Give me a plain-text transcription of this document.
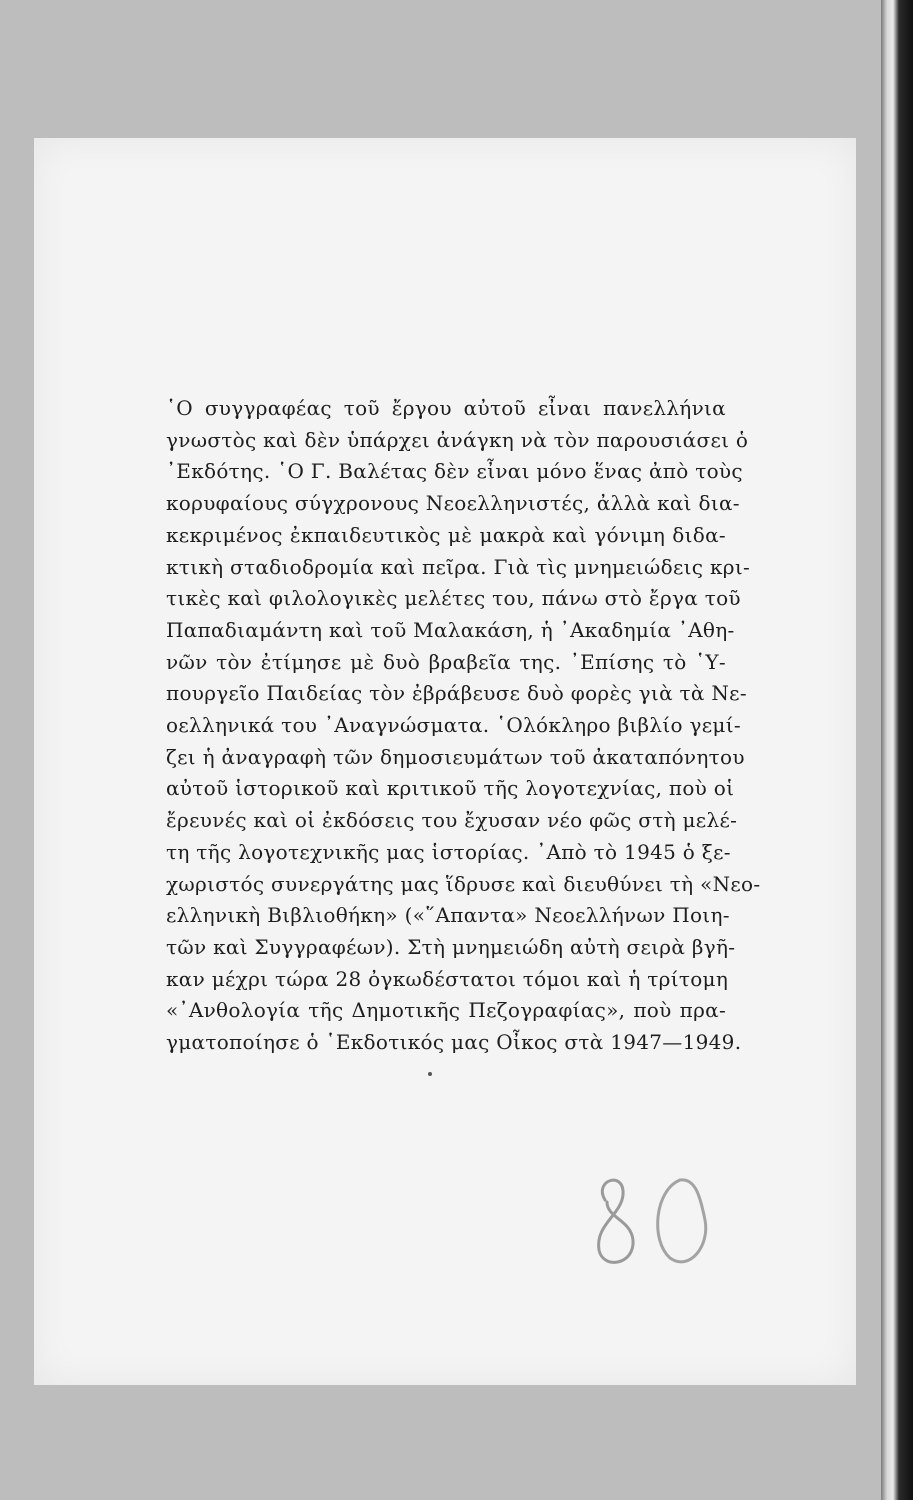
῾Ο συγγραφέας τοῦ ἔργου αὐτοῦ εἶναι πανελλήνια
γνωστὸς καὶ δὲν ὑπάρχει ἀνάγκη νὰ τὸν παρουσιάσει ὁ
᾿Εκδότης. ῾Ο Γ. Βαλέτας δὲν εἶναι μόνο ἕνας ἀπὸ τοὺς
κορυφαίους σύγχρονους Νεοελληνιστές, ἀλλὰ καὶ δια-
κεκριμένος ἐκπαιδευτικὸς μὲ μακρὰ καὶ γόνιμη διδα-
κτικὴ σταδιοδρομία καὶ πεῖρα. Γιὰ τὶς μνημειώδεις κρι-
τικὲς καὶ φιλολογικὲς μελέτες του, πάνω στὸ ἔργα τοῦ
Παπαδιαμάντη καὶ τοῦ Μαλακάση, ἡ ᾿Ακαδημία ᾿Αθη-
νῶν τὸν ἐτίμησε μὲ δυὸ βραβεῖα της. ᾿Επίσης τὸ ῾Υ-
πουργεῖο Παιδείας τὸν ἐβράβευσε δυὸ φορὲς γιὰ τὰ Νε-
οελληνικά του ᾿Αναγνώσματα. ῾Ολόκληρο βιβλίο γεμί-
ζει ἡ ἀναγραφὴ τῶν δημοσιευμάτων τοῦ ἀκαταπόνητου
αὐτοῦ ἱστορικοῦ καὶ κριτικοῦ τῆς λογοτεχνίας, ποὺ οἱ
ἔρευνές καὶ οἱ ἐκδόσεις του ἔχυσαν νέο φῶς στὴ μελέ-
τη τῆς λογοτεχνικῆς μας ἱστορίας. ᾿Απὸ τὸ 1945 ὁ ξε-
χωριστός συνεργάτης μας ἵδρυσε καὶ διευθύνει τὴ «Νεο-
ελληνικὴ Βιβλιοθήκη» («῞Απαντα» Νεοελλήνων Ποιη-
τῶν καὶ Συγγραφέων). Στὴ μνημειώδη αὐτὴ σειρὰ βγῆ-
καν μέχρι τώρα 28 ὀγκωδέστατοι τόμοι καὶ ἡ τρίτομη
«᾿Ανθολογία τῆς Δημοτικῆς Πεζογραφίας», ποὺ πρα-
γματοποίησε ὁ ῾Εκδοτικός μας Οἶκος στὰ 1947—1949.
